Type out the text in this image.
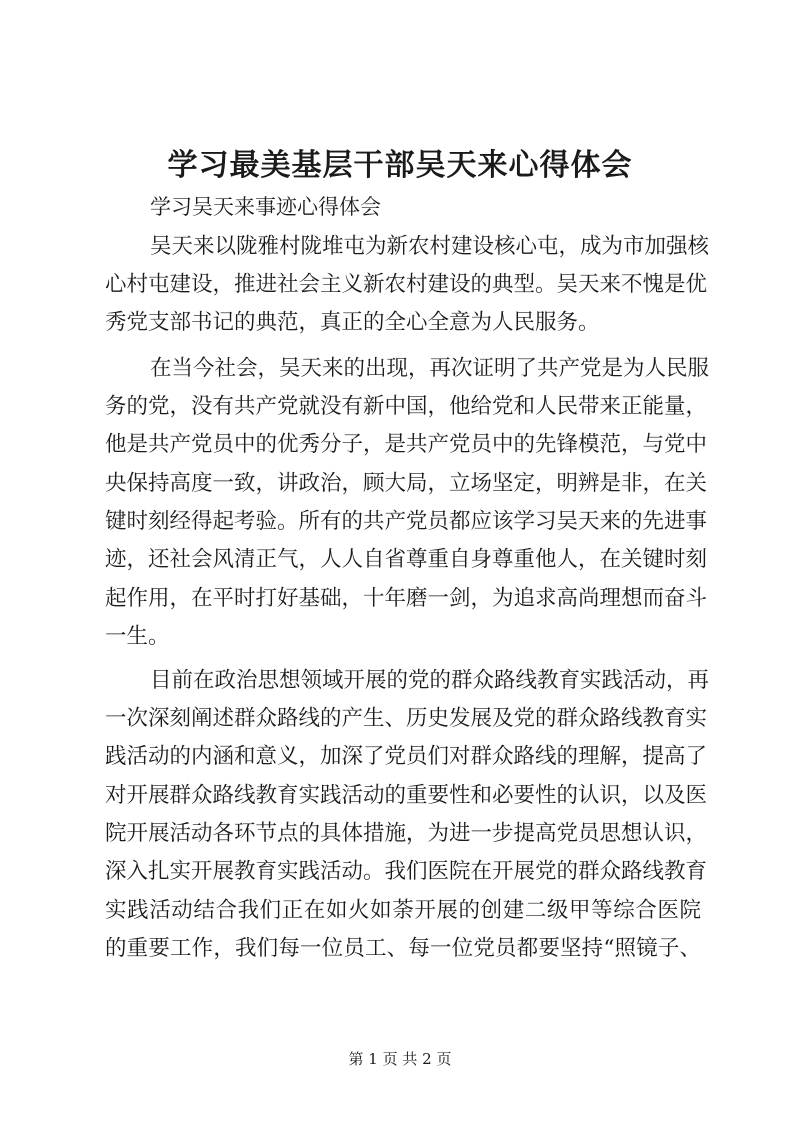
学习最美基层干部吴天来心得体会

学习吴天来事迹心得体会

吴天来以陇雅村陇堆屯为新农村建设核心屯，成为市加强核

心村屯建设，推进社会主义新农村建设的典型。吴天来不愧是优

秀党支部书记的典范，真正的全心全意为人民服务。

在当今社会，吴天来的出现，再次证明了共产党是为人民服

务的党，没有共产党就没有新中国，他给党和人民带来正能量，

他是共产党员中的优秀分子，是共产党员中的先锋模范，与党中

央保持高度一致，讲政治，顾大局，立场坚定，明辨是非，在关

键时刻经得起考验。所有的共产党员都应该学习吴天来的先进事

迹，还社会风清正气，人人自省尊重自身尊重他人，在关键时刻

起作用，在平时打好基础，十年磨一剑，为追求高尚理想而奋斗

一生。

目前在政治思想领域开展的党的群众路线教育实践活动，再

一次深刻阐述群众路线的产生、历史发展及党的群众路线教育实

践活动的内涵和意义，加深了党员们对群众路线的理解，提高了

对开展群众路线教育实践活动的重要性和必要性的认识，以及医

院开展活动各环节点的具体措施，为进一步提高党员思想认识，

深入扎实开展教育实践活动。我们医院在开展党的群众路线教育

实践活动结合我们正在如火如荼开展的创建二级甲等综合医院

的重要工作，我们每一位员工、每一位党员都要坚持“照镜子、

第 1 页 共 2 页
